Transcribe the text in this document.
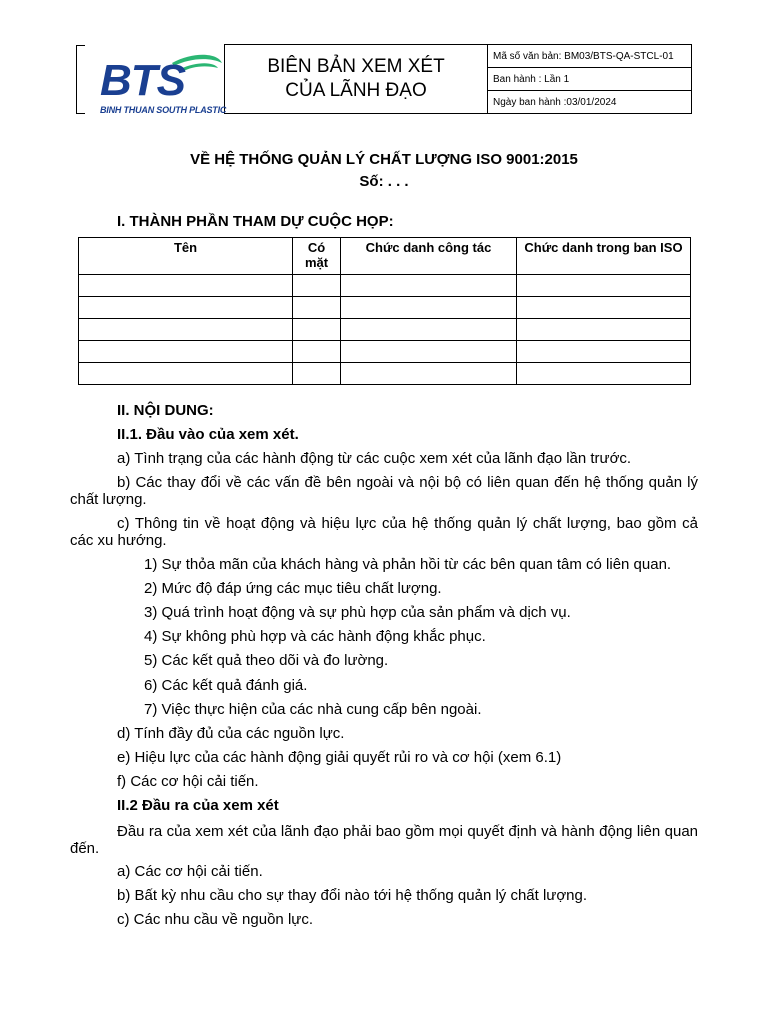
BTS
BINH THUAN SOUTH PLASTIC

BIÊN BẢN XEM XÉT
CỦA LÃNH ĐẠO
	Mã số văn bản: BM03/BTS-QA-STCL-01
Ban hành : Lần 1
Ngày ban hành :03/01/2024
VỀ HỆ THỐNG QUẢN LÝ CHẤT LƯỢNG ISO 9001:2015
Số: . . .
I. THÀNH PHẦN THAM DỰ CUỘC HỌP:
Tên	Có mặt	Chức danh công tác	Chức danh trong ban ISO

II. NỘI DUNG:
II.1. Đầu vào của xem xét.
a) Tình trạng của các hành động từ các cuộc xem xét của lãnh đạo lần trước.
b) Các thay đổi về các vấn đề bên ngoài và nội bộ có liên quan đến hệ thống quản lý chất lượng.
c) Thông tin về hoạt động và hiệu lực của hệ thống quản lý chất lượng, bao gồm cả các xu hướng.
1) Sự thỏa mãn của khách hàng và phản hồi từ các bên quan tâm có liên quan.
2) Mức độ đáp ứng các mục tiêu chất lượng.
3) Quá trình hoạt động và sự phù hợp của sản phẩm và dịch vụ.
4) Sự không phù hợp và các hành động khắc phục.
5) Các kết quả theo dõi và đo lường.
6) Các kết quả đánh giá.
7) Việc thực hiện của các nhà cung cấp bên ngoài.
d) Tính đầy đủ của các nguồn lực.
e) Hiệu lực của các hành động giải quyết rủi ro và cơ hội (xem 6.1)
f) Các cơ hội cải tiến.
II.2 Đầu ra của xem xét
Đầu ra của xem xét của lãnh đạo phải bao gồm mọi quyết định và hành động liên quan đến.
a) Các cơ hội cải tiến.
b) Bất kỳ nhu cầu cho sự thay đổi nào tới hệ thống quản lý chất lượng.
c) Các nhu cầu về nguồn lực.
